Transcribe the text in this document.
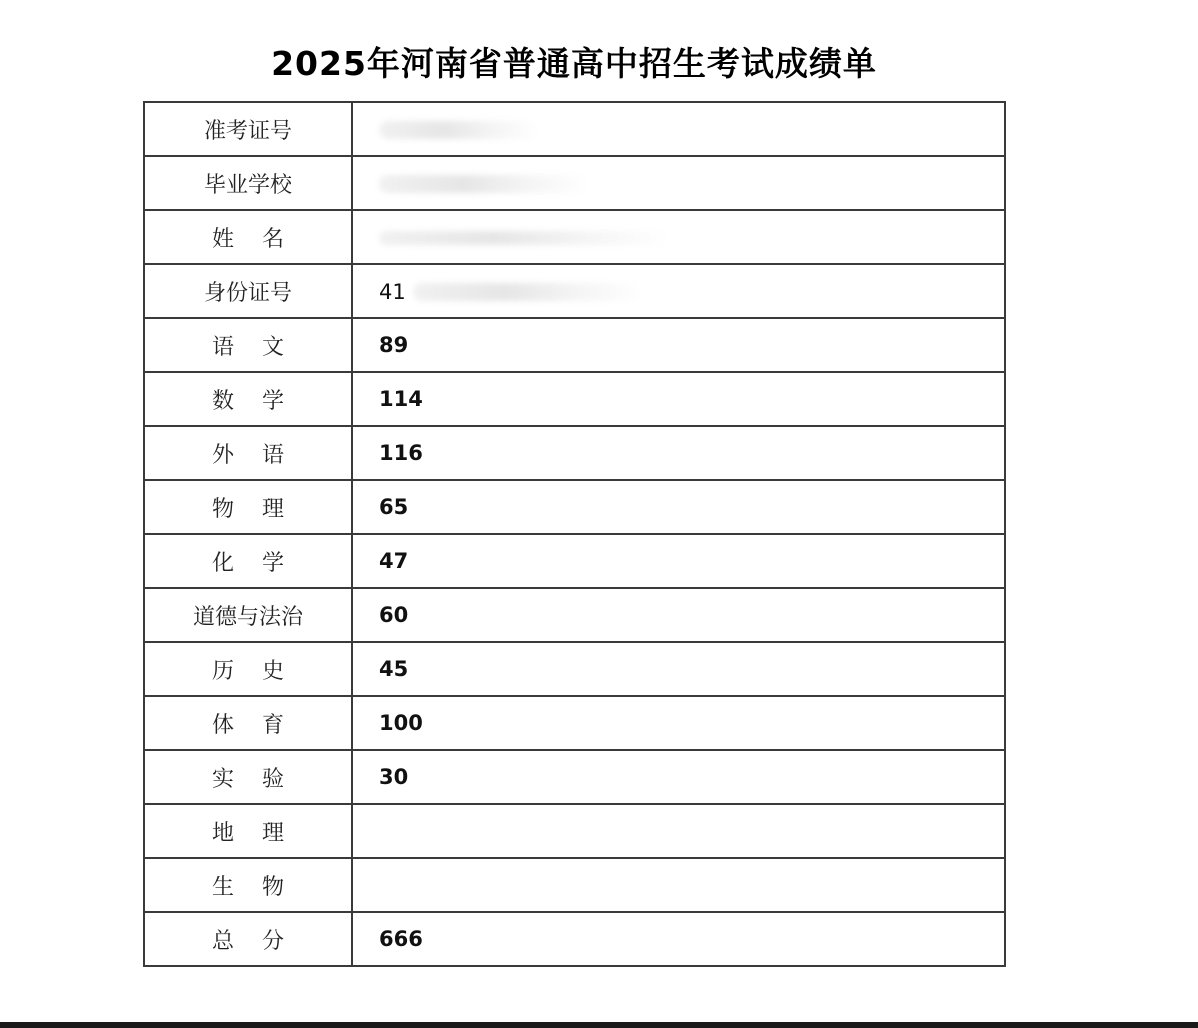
2025年河南省普通高中招生考试成绩单
准考证号	
毕业学校	
姓名	
身份证号	41
语文	89
数学	114
外语	116
物理	65
化学	47
道德与法治	60
历史	45
体育	100
实验	30
地理	
生物	
总分	666
